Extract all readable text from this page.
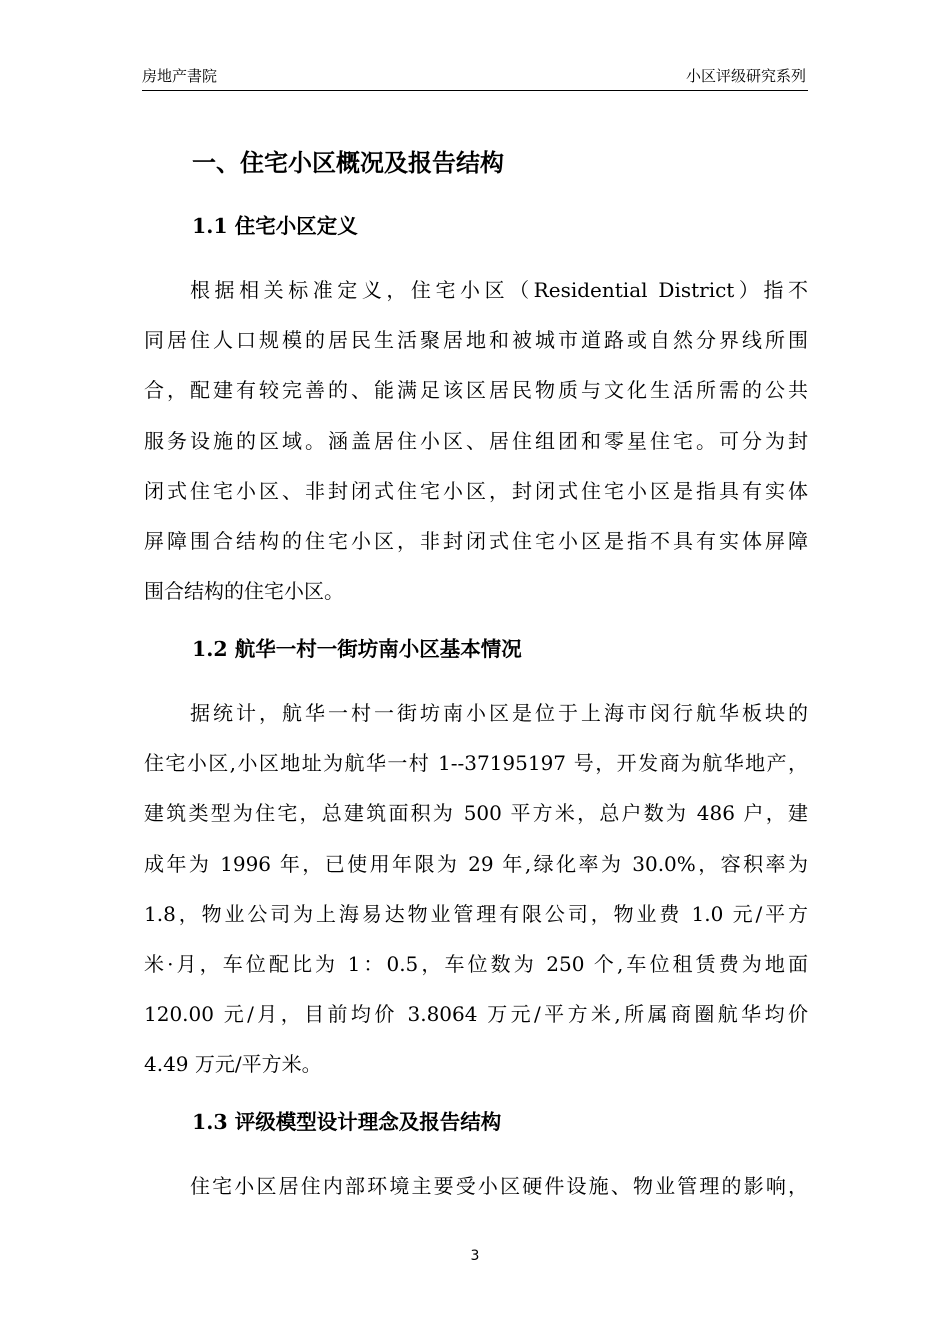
房地产書院	小区评级研究系列
一、住宅小区概况及报告结构
1.1 住宅小区定义
根据相关标准定义，住宅小区（Residential District）指不
同居住人口规模的居民生活聚居地和被城市道路或自然分界线所围
合，配建有较完善的、能满足该区居民物质与文化生活所需的公共
服务设施的区域。涵盖居住小区、居住组团和零星住宅。可分为封
闭式住宅小区、非封闭式住宅小区，封闭式住宅小区是指具有实体
屏障围合结构的住宅小区，非封闭式住宅小区是指不具有实体屏障
围合结构的住宅小区。
1.2 航华一村一街坊南小区基本情况
据统计，航华一村一街坊南小区是位于上海市闵行航华板块的
住宅小区,小区地址为航华一村 1--37195197 号，开发商为航华地产，
建筑类型为住宅，总建筑面积为 500 平方米，总户数为 486 户，建
成年为 1996 年，已使用年限为 29 年,绿化率为 30.0%，容积率为
1.8，物业公司为上海易达物业管理有限公司，物业费 1.0 元/平方
米·月，车位配比为 1：0.5，车位数为 250 个,车位租赁费为地面
120.00 元/月，目前均价 3.8064 万元/平方米,所属商圈航华均价
4.49 万元/平方米。
1.3 评级模型设计理念及报告结构
住宅小区居住内部环境主要受小区硬件设施、物业管理的影响，
3
